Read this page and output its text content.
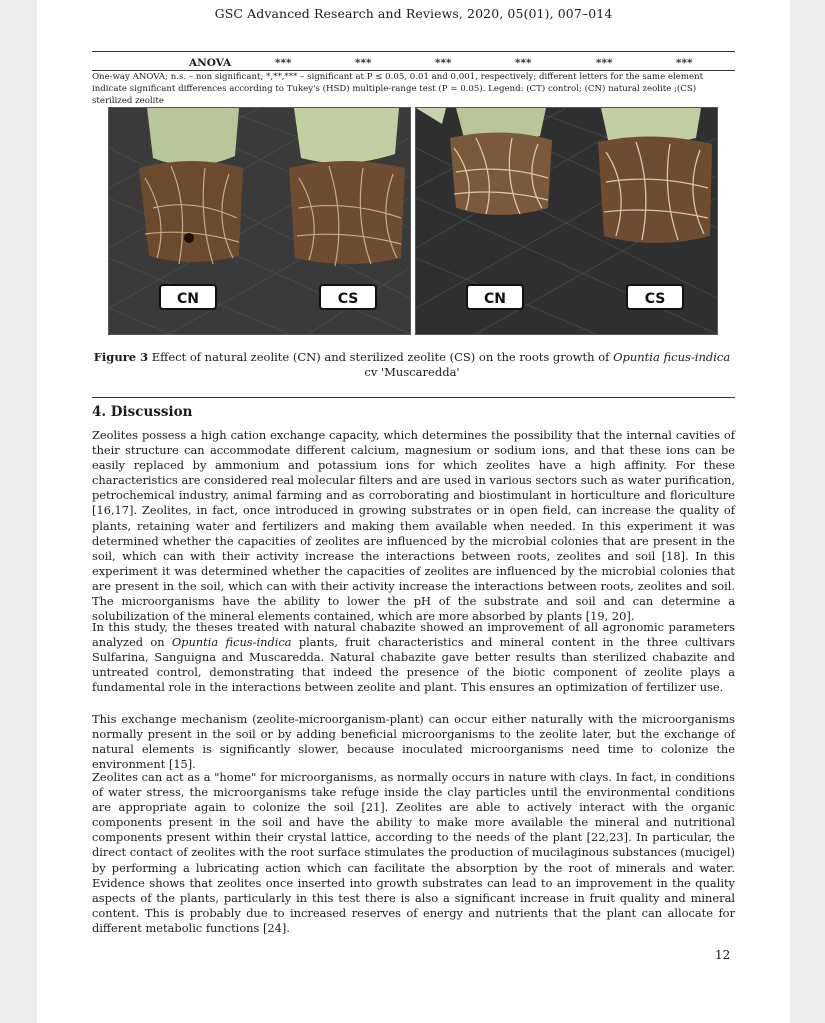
GSC Advanced Research and Reviews, 2020, 05(01), 007–014
ANOVA	***	***	***	***	***	***
One-way ANOVA; n.s. – non significant; *,**,*** – significant at P ≤ 0.05, 0.01 and 0.001, respectively; different letters for the same element indicate significant differences according to Tukey's (HSD) multiple-range test (P = 0.05). Legend: (CT) control; (CN) natural zeolite ;(CS) sterilized zeolite
CN	CS	CN	CS
Figure 3 Effect of natural zeolite (CN) and sterilized zeolite (CS) on the roots growth of Opuntia ficus-indica cv 'Muscaredda'
4. Discussion
Zeolites possess a high cation exchange capacity, which determines the possibility that the internal cavities of their structure can accommodate different calcium, magnesium or sodium ions, and that these ions can be easily replaced by ammonium and potassium ions for which zeolites have a high affinity. For these characteristics are considered real molecular filters and are used in various sectors such as water purification, petrochemical industry, animal farming and as corroborating and biostimulant in horticulture and floriculture [16,17]. Zeolites, in fact, once introduced in growing substrates or in open field, can increase the quality of plants, retaining water and fertilizers and making them available when needed. In this experiment it was determined whether the capacities of zeolites are influenced by the microbial colonies that are present in the soil, which can with their activity increase the interactions between roots, zeolites and soil [18]. In this experiment it was determined whether the capacities of zeolites are influenced by the microbial colonies that are present in the soil, which can with their activity increase the interactions between roots, zeolites and soil. The microorganisms have the ability to lower the pH of the substrate and soil and can determine a solubilization of the mineral elements contained, which are more absorbed by plants [19, 20].
In this study, the theses treated with natural chabazite showed an improvement of all agronomic parameters analyzed on Opuntia ficus-indica plants, fruit characteristics and mineral content in the three cultivars Sulfarina, Sanguigna and Muscaredda. Natural chabazite gave better results than sterilized chabazite and untreated control, demonstrating that indeed the presence of the biotic component of zeolite plays a fundamental role in the interactions between zeolite and plant. This ensures an optimization of fertilizer use.
This exchange mechanism (zeolite-microorganism-plant) can occur either naturally with the microorganisms normally present in the soil or by adding beneficial microorganisms to the zeolite later, but the exchange of natural elements is significantly slower, because inoculated microorganisms need time to colonize the environment [15].
Zeolites can act as a "home" for microorganisms, as normally occurs in nature with clays. In fact, in conditions of water stress, the microorganisms take refuge inside the clay particles until the environmental conditions are appropriate again to colonize the soil [21]. Zeolites are able to actively interact with the organic components present in the soil and have the ability to make more available the mineral and nutritional components present within their crystal lattice, according to the needs of the plant [22,23]. In particular, the direct contact of zeolites with the root surface stimulates the production of mucilaginous substances (mucigel) by performing a lubricating action which can facilitate the absorption by the root of minerals and water. Evidence shows that zeolites once inserted into growth substrates can lead to an improvement in the quality aspects of the plants, particularly in this test there is also a significant increase in fruit quality and mineral content. This is probably due to increased reserves of energy and nutrients that the plant can allocate for different metabolic functions [24].
12
